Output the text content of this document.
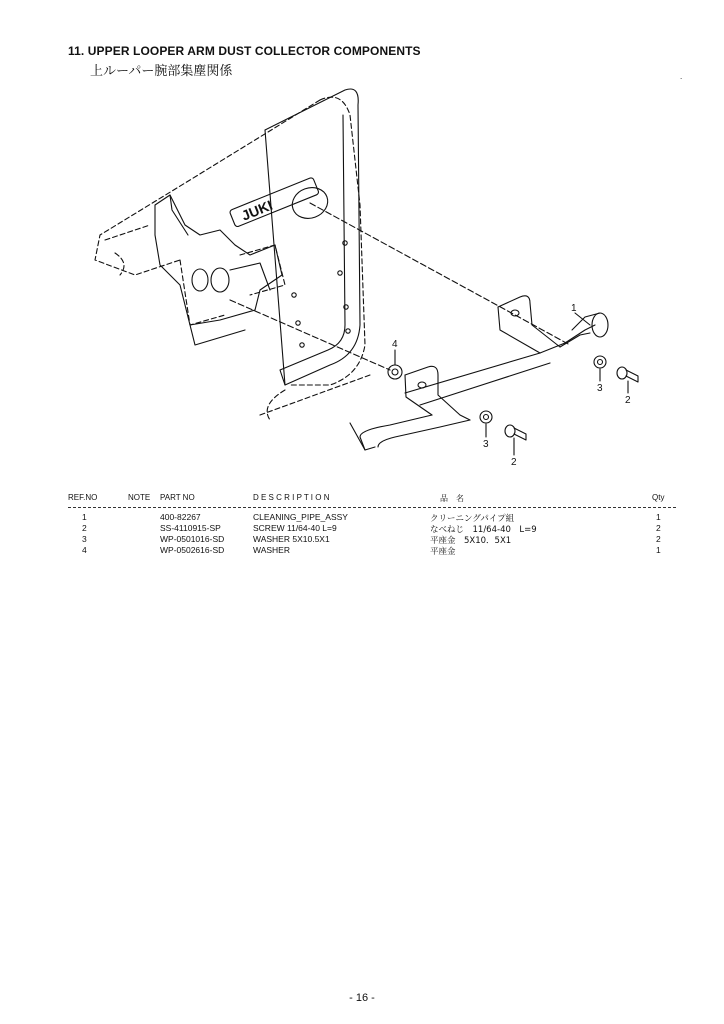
11. UPPER LOOPER ARM DUST COLLECTOR COMPONENTS
上ルーパー腕部集塵関係	.
JUKI
1
2
3
2
3
4
REF.NO	NOTE PART NO	D E S C R I P T I O N	品　名	Qty
1	400-82267	CLEANING_PIPE_ASSY	クリーニングパイプ組	1
2	SS-4110915-SP	SCREW 11/64-40 L=9	なべねじ　11/64-40　L=9	2
3	WP-0501016-SD	WASHER 5X10.5X1	平座金　5X10．5X1	2
4	WP-0502616-SD	WASHER	平座金	1
- 16 -
